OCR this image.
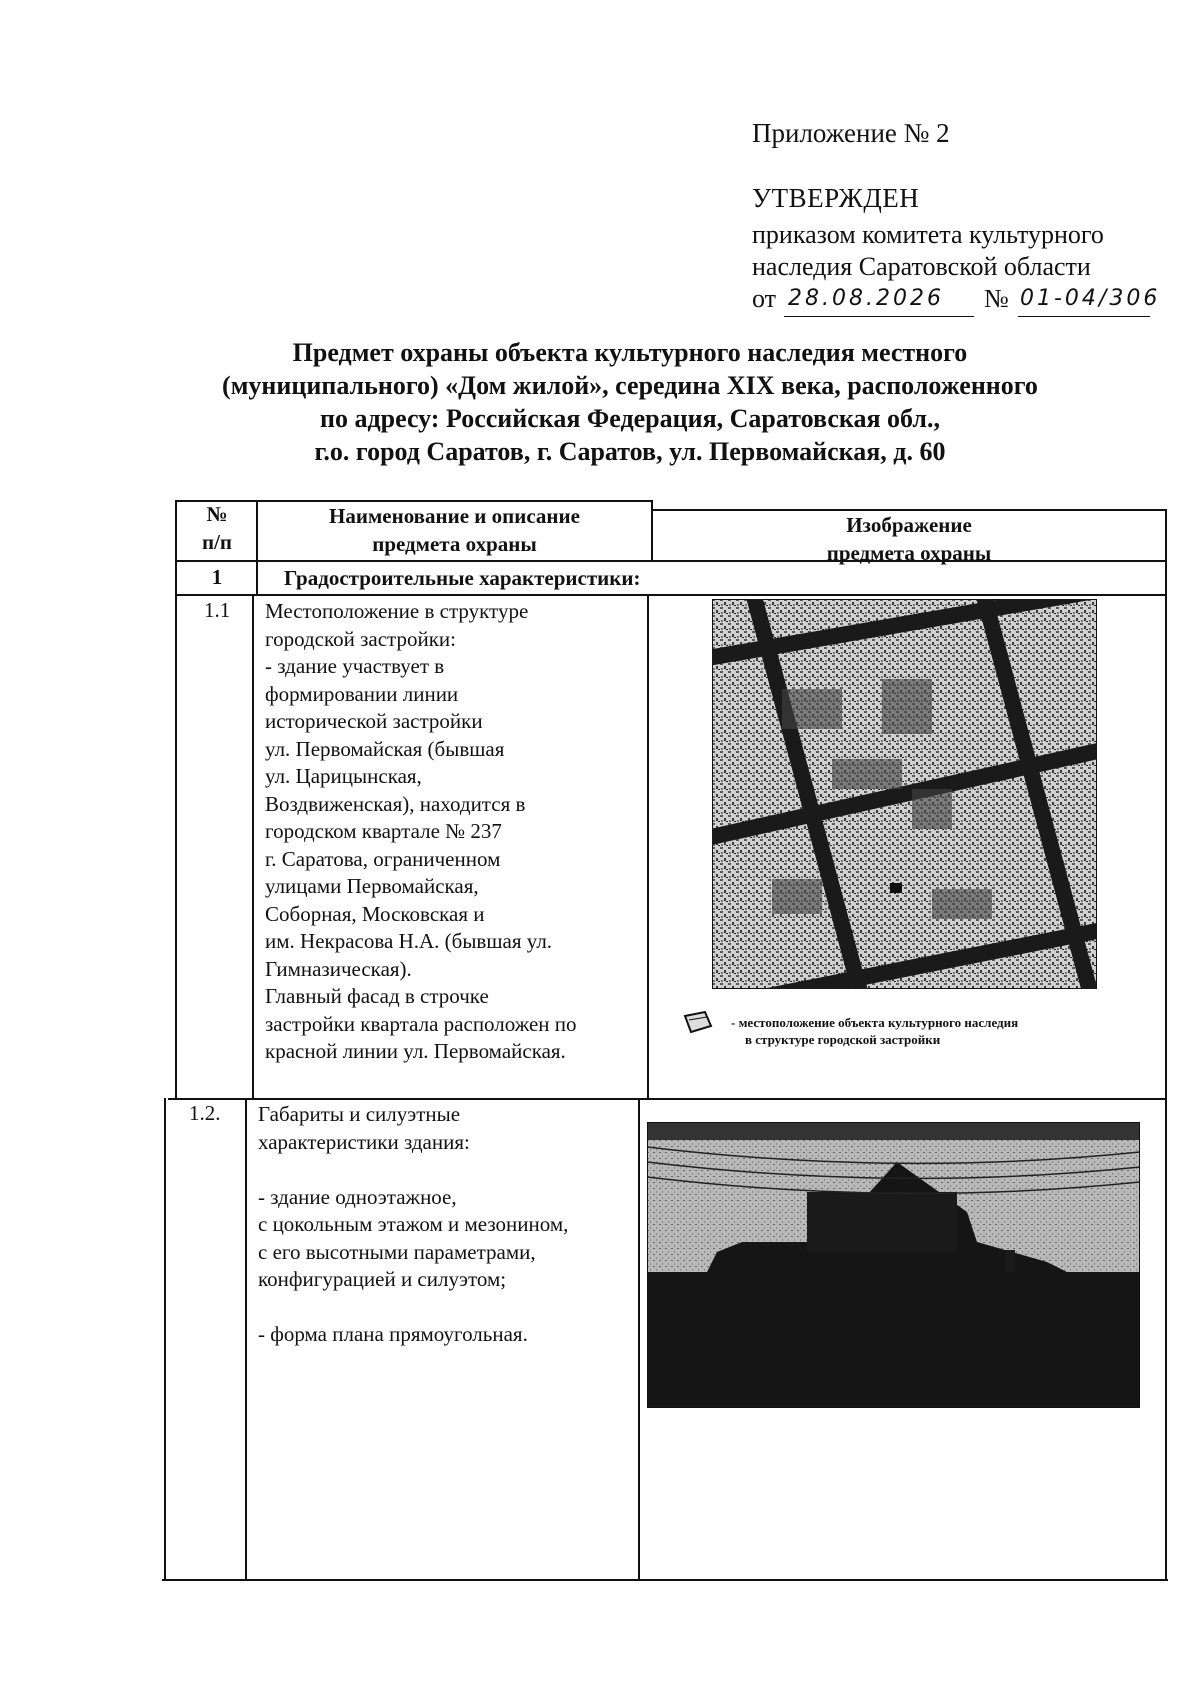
Приложение № 2
УТВЕРЖДЕН
приказом комитета культурного
наследия Саратовской области
от 28.08.2026 № 01-04/306
Предмет охраны объекта культурного наследия местного
(муниципального) «Дом жилой», середина XIX века, расположенного
по адресу: Российская Федерация, Саратовская обл.,
г.о. город Саратов, г. Саратов, ул. Первомайская, д. 60
№
п/п
Наименование и описание
предмета охраны
Изображение
предмета охраны
1	Градостроительные характеристики:
1.1 Местоположение в структуре
городской застройки:
- здание участвует в
формировании линии
исторической застройки
ул. Первомайская (бывшая
ул. Царицынская,
Воздвиженская), находится в
городском квартале № 237
г. Саратова, ограниченном
улицами Первомайская,
Соборная, Московская и
им. Некрасова Н.А. (бывшая ул.
Гимназическая).
Главный фасад в строчке
застройки квартала расположен по
красной линии ул. Первомайская.
- местоположение объекта культурного наследия
в структуре городской застройки
1.2. Габариты и силуэтные
характеристики здания:
- здание одноэтажное,
с цокольным этажом и мезонином,
с его высотными параметрами,
конфигурацией и силуэтом;
- форма плана прямоугольная.
